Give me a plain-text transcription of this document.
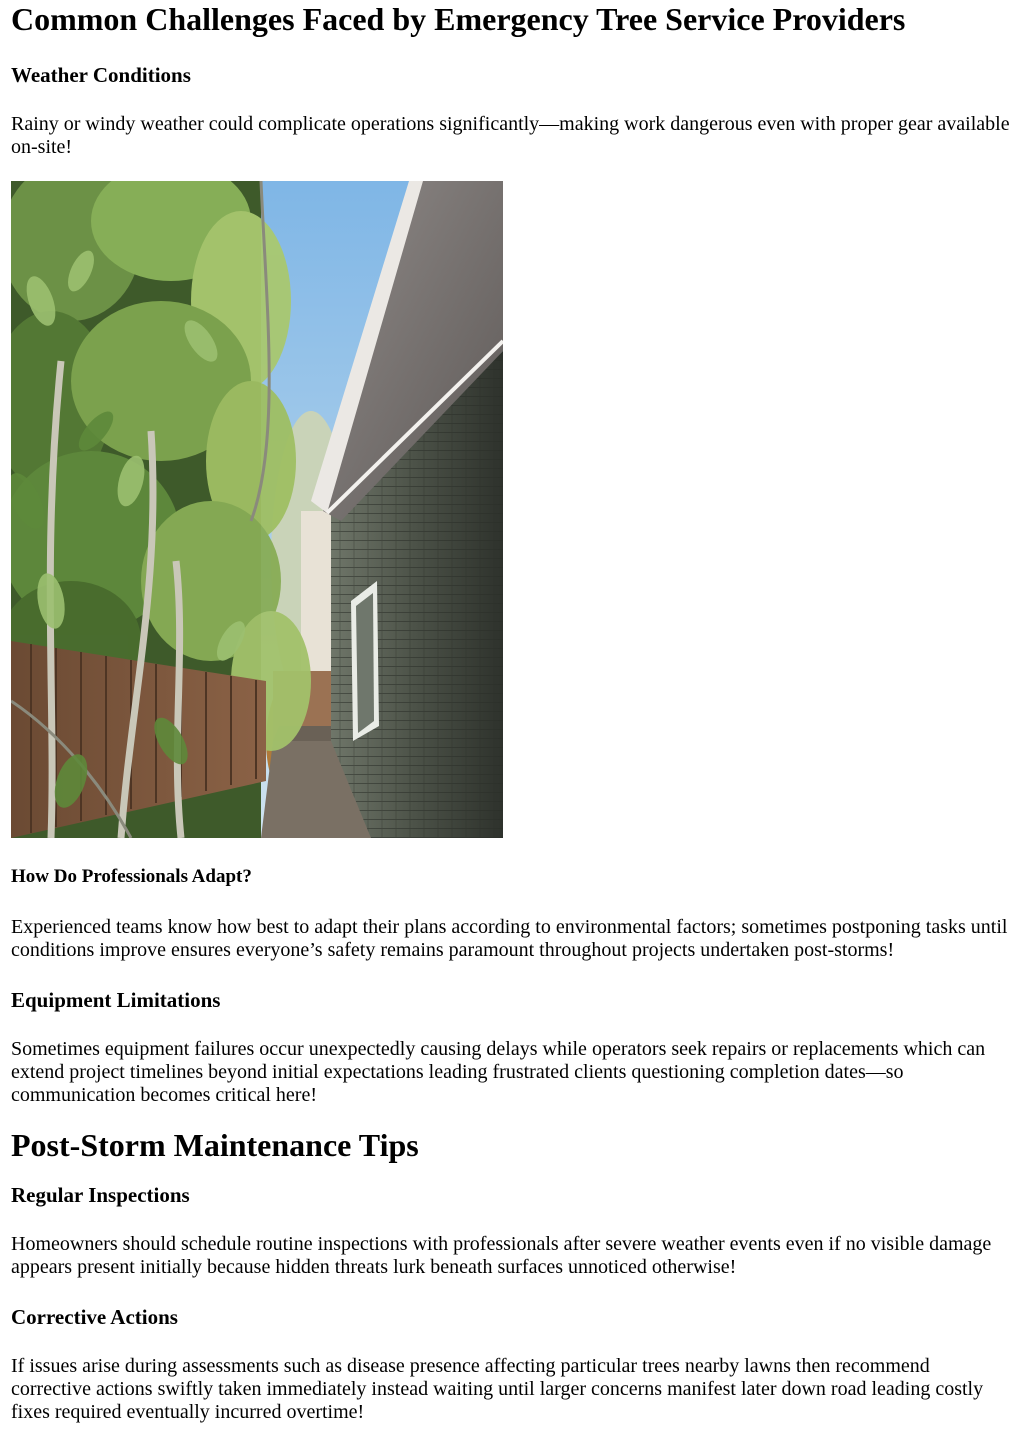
Common Challenges Faced by Emergency Tree Service Providers
Weather Conditions

Rainy or windy weather could complicate operations significantly—making work dangerous even with proper gear available on-site!

How Do Professionals Adapt?

Experienced teams know how best to adapt their plans according to environmental factors; sometimes postponing tasks until conditions improve ensures everyone’s safety remains paramount throughout projects undertaken post-storms!

Equipment Limitations

Sometimes equipment failures occur unexpectedly causing delays while operators seek repairs or replacements which can extend project timelines beyond initial expectations leading frustrated clients questioning completion dates—so communication becomes critical here!

Post-Storm Maintenance Tips
Regular Inspections

Homeowners should schedule routine inspections with professionals after severe weather events even if no visible damage appears present initially because hidden threats lurk beneath surfaces unnoticed otherwise!

Corrective Actions

If issues arise during assessments such as disease presence affecting particular trees nearby lawns then recommend corrective actions swiftly taken immediately instead waiting until larger concerns manifest later down road leading costly fixes required eventually incurred overtime!
